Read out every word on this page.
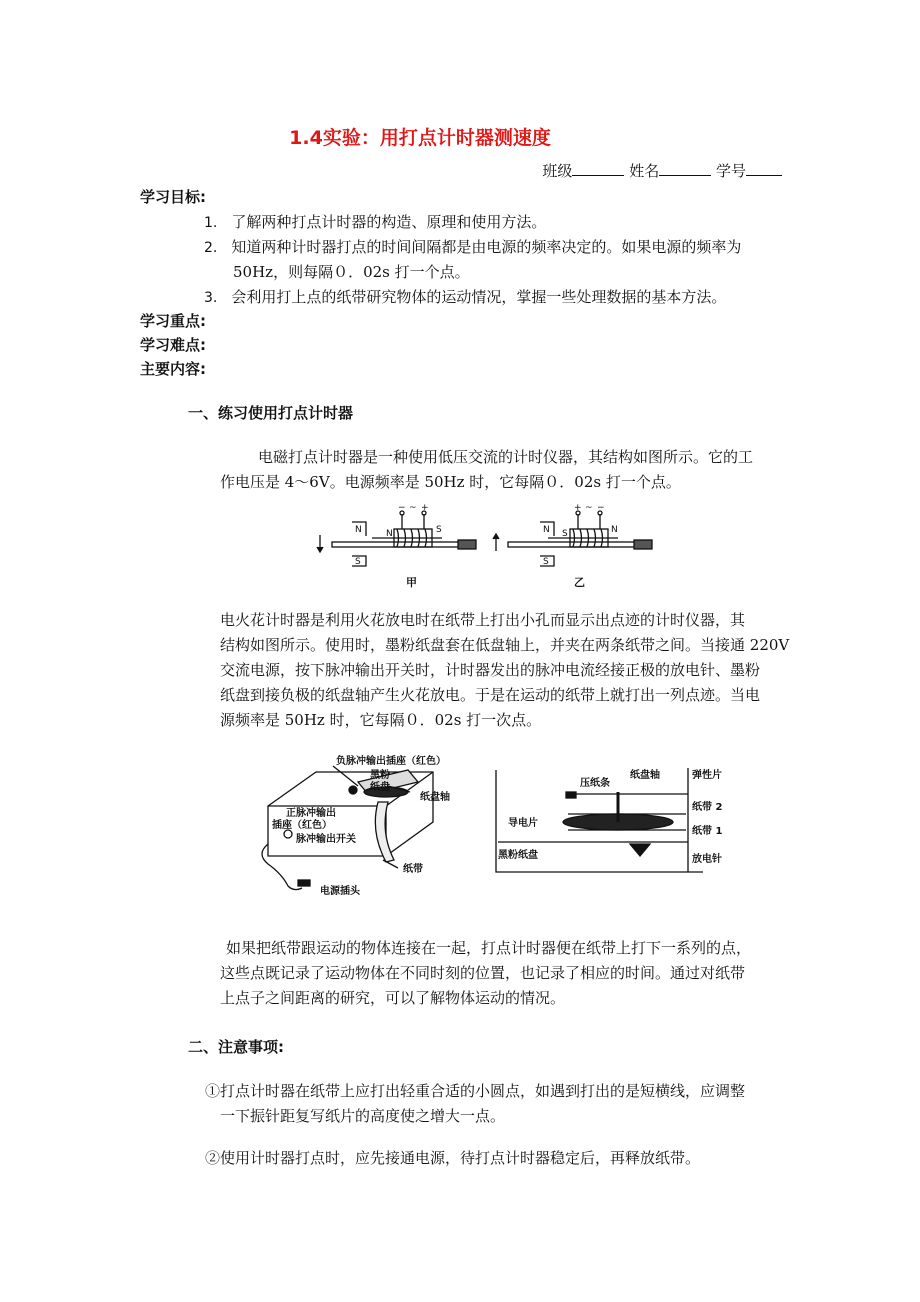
1.4实验：用打点计时器测速度
班级	姓名	学号
学习目标:
1. 了解两种打点计时器的构造、原理和使用方法。
2. 知道两种计时器打点的时间间隔都是由电源的频率决定的。如果电源的频率为
50Hz，则每隔０．02s 打一个点。
3. 会利用打上点的纸带研究物体的运动情况，掌握一些处理数据的基本方法。
学习重点:
学习难点:
主要内容:
一、练习使用打点计时器
电磁打点计时器是一种使用低压交流的计时仪器，其结构如图所示。它的工
作电压是 4～6V。电源频率是 50Hz 时，它每隔０．02s 打一个点。
N
S
N	S
− ~ +
N
S
S	N
+ ~ −
甲	乙
电火花计时器是利用火花放电时在纸带上打出小孔而显示出点迹的计时仪器，其
结构如图所示。使用时，墨粉纸盘套在低盘轴上，并夹在两条纸带之间。当接通 220V
交流电源，按下脉冲输出开关时，计时器发出的脉冲电流经接正极的放电针、墨粉
纸盘到接负极的纸盘轴产生火花放电。于是在运动的纸带上就打出一列点迹。当电
源频率是 50Hz 时，它每隔０．02s 打一次点。
负脉冲输出插座（红色）
黑粉
纸盘
纸盘轴
正脉冲输出
插座（红色）
脉冲输出开关
纸带
电源插头
压纸条
纸盘轴	弹性片
导电片
纸带 2
纸带 1
黑粉纸盘	放电针
如果把纸带跟运动的物体连接在一起，打点计时器便在纸带上打下一系列的点，
这些点既记录了运动物体在不同时刻的位置，也记录了相应的时间。通过对纸带
上点子之间距离的研究，可以了解物体运动的情况。
二、注意事项:
①打点计时器在纸带上应打出轻重合适的小圆点，如遇到打出的是短横线，应调整
一下振针距复写纸片的高度使之增大一点。
②使用计时器打点时，应先接通电源，待打点计时器稳定后，再释放纸带。
